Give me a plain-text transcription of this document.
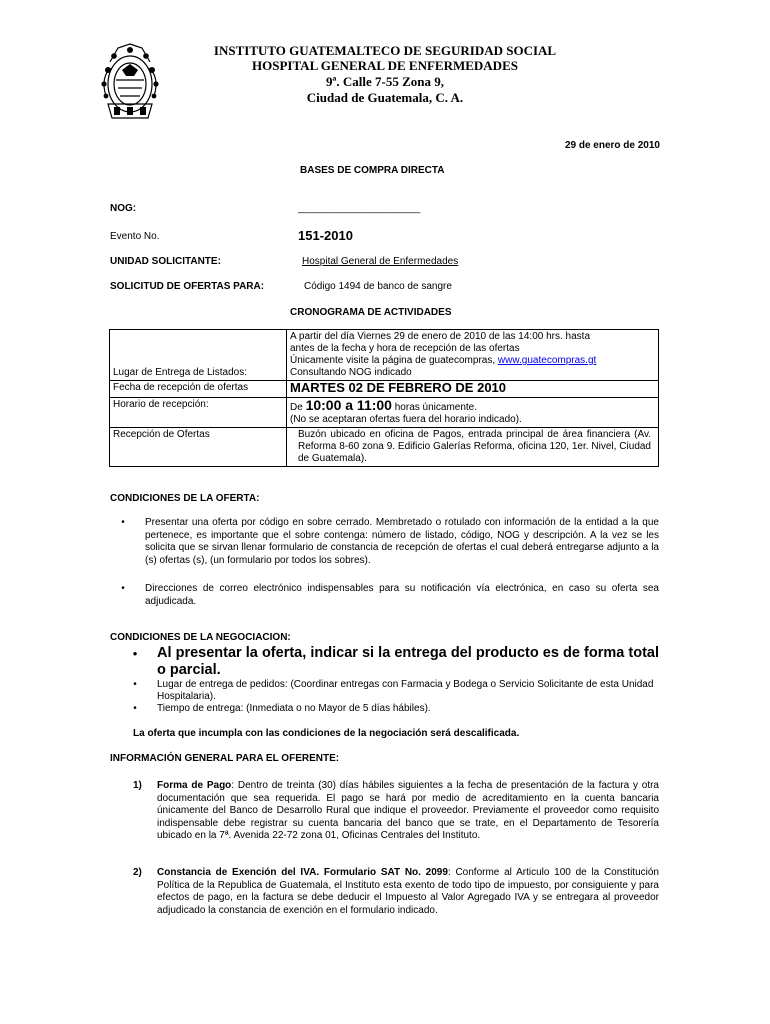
INSTITUTO GUATEMALTECO DE SEGURIDAD SOCIAL
HOSPITAL GENERAL DE ENFERMEDADES
9ª. Calle 7-55 Zona 9,
Ciudad de Guatemala, C. A.
29 de enero de 2010
BASES DE COMPRA DIRECTA
NOG:	______________________
Evento No.	151-2010
UNIDAD SOLICITANTE:	Hospital General de Enfermedades
SOLICITUD DE OFERTAS PARA:	Código 1494 de banco de sangre
CRONOGRAMA DE ACTIVIDADES
Lugar de Entrega de Listados:	A partir del día Viernes 29 de enero de 2010 de las 14:00 hrs. hasta
antes de la fecha y hora de recepción de las ofertas
Únicamente visite la página de guatecompras, www.guatecompras.gt
Consultando NOG indicado

Fecha de recepción de ofertas	MARTES 02 DE FEBRERO DE 2010
Horario de recepción:	De 10:00 a 11:00 horas únicamente.
(No se aceptaran ofertas fuera del horario indicado).

Recepción de Ofertas	Buzón ubicado en oficina de Pagos, entrada principal de área financiera (Av. Reforma 8-60 zona 9. Edificio Galerías Reforma, oficina 120, 1er. Nivel, Ciudad de Guatemala).
CONDICIONES DE LA OFERTA:
•	Presentar una oferta por código en sobre cerrado. Membretado o rotulado con información de la entidad a la que pertenece, es importante que el sobre contenga: número de listado, código, NOG y descripción. A la vez se les solicita que se sirvan llenar formulario de constancia de recepción de ofertas el cual deberá entregarse adjunto a la (s) ofertas (s), (un formulario por todos los sobres).
•	Direcciones de correo electrónico indispensables para su notificación vía electrónica, en caso su oferta sea adjudicada.
CONDICIONES DE LA NEGOCIACION:
• Al presentar la oferta, indicar si la entrega del producto es de forma total o parcial.
•	Lugar de entrega de pedidos: (Coordinar entregas con Farmacia y Bodega o Servicio Solicitante de esta Unidad Hospitalaria).
•	Tiempo de entrega: (Inmediata o no Mayor de 5 días hábiles).
La oferta que incumpla con las condiciones de la negociación será descalificada.
INFORMACIÓN GENERAL PARA EL OFERENTE:
1) Forma de Pago: Dentro de treinta (30) días hábiles siguientes a la fecha de presentación de la factura y otra documentación que sea requerida. El pago se hará por medio de acreditamiento en la cuenta bancaria únicamente del Banco de Desarrollo Rural que indique el proveedor. Previamente el proveedor como requisito indispensable debe registrar su cuenta bancaria del banco que se trate, en el Departamento de Tesorería ubicado en la 7ª. Avenida 22-72 zona 01, Oficinas Centrales del Instituto.
2) Constancia de Exención del IVA. Formulario SAT No. 2099: Conforme al Articulo 100 de la Constitución Política de la Republica de Guatemala, el Instituto esta exento de todo tipo de impuesto, por consiguiente y para efectos de pago, en la factura se debe deducir el Impuesto al Valor Agregado IVA y se entregara al proveedor adjudicado la constancia de exención en el formulario indicado.
